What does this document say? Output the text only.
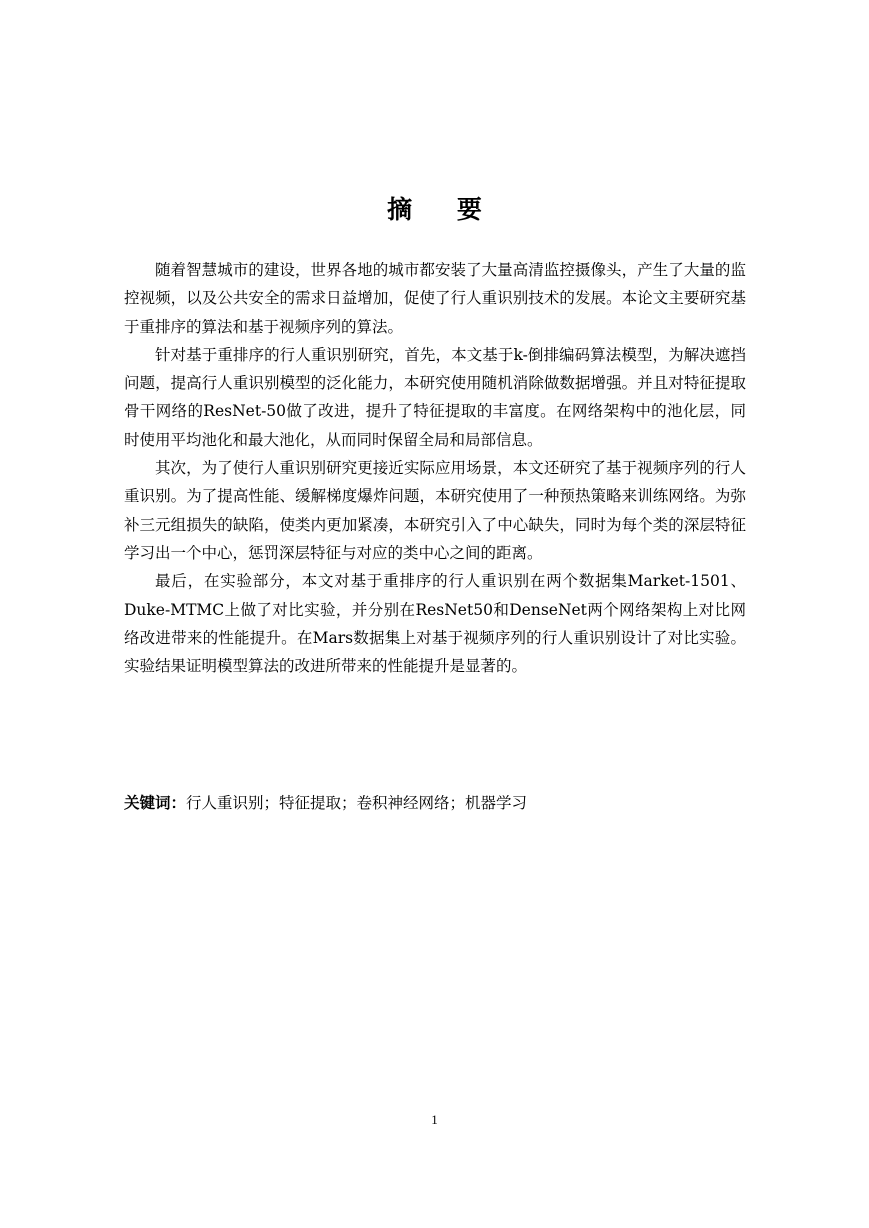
摘 要

随着智慧城市的建设，世界各地的城市都安装了大量高清监控摄像头，产生了大量的监控视频，以及公共安全的需求日益增加，促使了行人重识别技术的发展。本论文主要研究基于重排序的算法和基于视频序列的算法。

针对基于重排序的行人重识别研究，首先，本文基于k-倒排编码算法模型，为解决遮挡问题，提高行人重识别模型的泛化能力，本研究使用随机消除做数据增强。并且对特征提取骨干网络的ResNet-50做了改进，提升了特征提取的丰富度。在网络架构中的池化层，同时使用平均池化和最大池化，从而同时保留全局和局部信息。

其次，为了使行人重识别研究更接近实际应用场景，本文还研究了基于视频序列的行人重识别。为了提高性能、缓解梯度爆炸问题，本研究使用了一种预热策略来训练网络。为弥补三元组损失的缺陷，使类内更加紧凑，本研究引入了中心缺失，同时为每个类的深层特征学习出一个中心，惩罚深层特征与对应的类中心之间的距离。

最后，在实验部分，本文对基于重排序的行人重识别在两个数据集Market-1501、Duke-MTMC上做了对比实验，并分别在ResNet50和DenseNet两个网络架构上对比网络改进带来的性能提升。在Mars数据集上对基于视频序列的行人重识别设计了对比实验。实验结果证明模型算法的改进所带来的性能提升是显著的。

关键词：行人重识别；特征提取；卷积神经网络；机器学习
1
